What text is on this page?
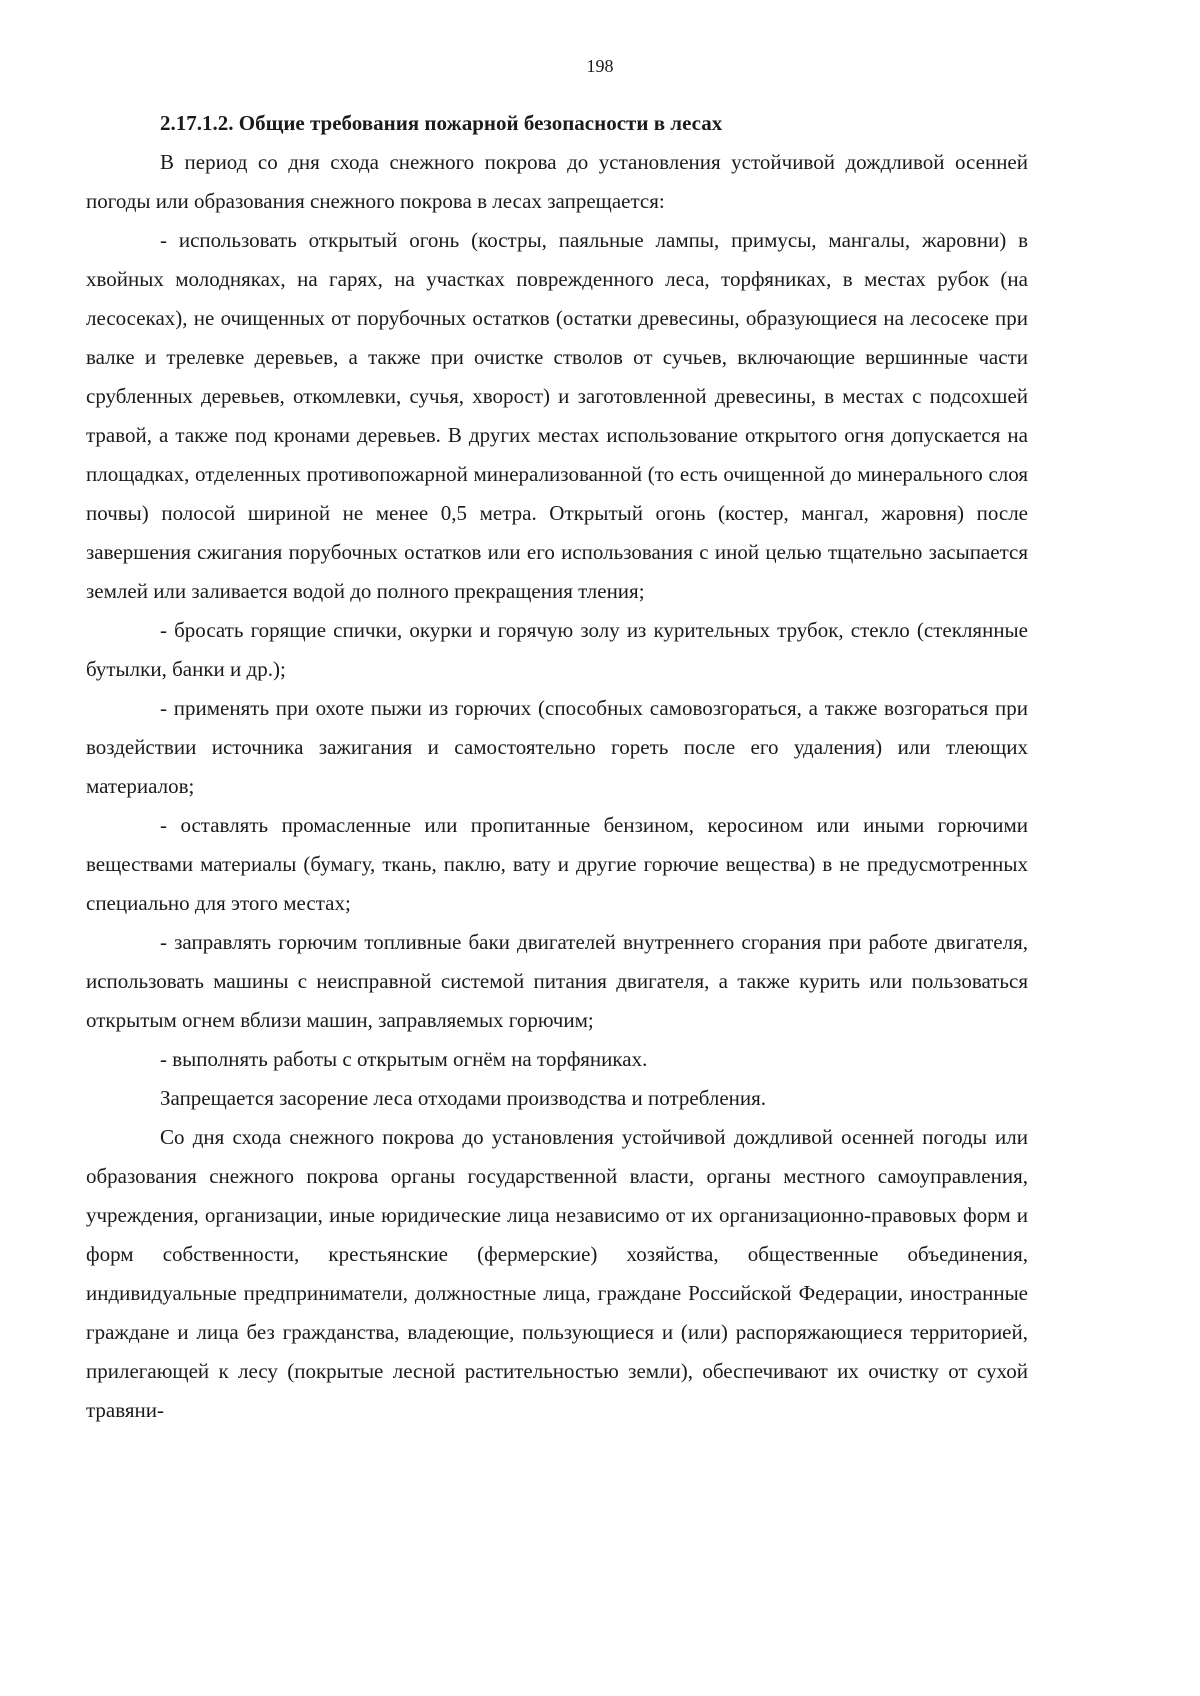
198

2.17.1.2. Общие требования пожарной безопасности в лесах

В период со дня схода снежного покрова до установления устойчивой дождливой осенней погоды или образования снежного покрова в лесах запрещается:

- использовать открытый огонь (костры, паяльные лампы, примусы, мангалы, жаровни) в хвойных молодняках, на гарях, на участках поврежденного леса, торфяниках, в местах рубок (на лесосеках), не очищенных от порубочных остатков (остатки древесины, образующиеся на лесосеке при валке и трелевке деревьев, а также при очистке стволов от сучьев, включающие вершинные части срубленных деревьев, откомлевки, сучья, хворост) и заготовленной древесины, в местах с подсохшей травой, а также под кронами деревьев. В других местах использование открытого огня допускается на площадках, отделенных противопожарной минерализованной (то есть очищенной до минерального слоя почвы) полосой шириной не менее 0,5 метра. Открытый огонь (костер, мангал, жаровня) после завершения сжигания порубочных остатков или его использования с иной целью тщательно засыпается землей или заливается водой до полного прекращения тления;

- бросать горящие спички, окурки и горячую золу из курительных трубок, стекло (стеклянные бутылки, банки и др.);

- применять при охоте пыжи из горючих (способных самовозгораться, а также возгораться при воздействии источника зажигания и самостоятельно гореть после его удаления) или тлеющих материалов;

- оставлять промасленные или пропитанные бензином, керосином или иными горючими веществами материалы (бумагу, ткань, паклю, вату и другие горючие вещества) в не предусмотренных специально для этого местах;

- заправлять горючим топливные баки двигателей внутреннего сгорания при работе двигателя, использовать машины с неисправной системой питания двигателя, а также курить или пользоваться открытым огнем вблизи машин, заправляемых горючим;

- выполнять работы с открытым огнём на торфяниках.

Запрещается засорение леса отходами производства и потребления.

Со дня схода снежного покрова до установления устойчивой дождливой осенней погоды или образования снежного покрова органы государственной власти, органы местного самоуправления, учреждения, организации, иные юридические лица независимо от их организационно-правовых форм и форм собственности, крестьянские (фермерские) хозяйства, общественные объединения, индивидуальные предприниматели, должностные лица, граждане Российской Федерации, иностранные граждане и лица без гражданства, владеющие, пользующиеся и (или) распоряжающиеся территорией, прилегающей к лесу (покрытые лесной растительностью земли), обеспечивают их очистку от сухой травяни-
